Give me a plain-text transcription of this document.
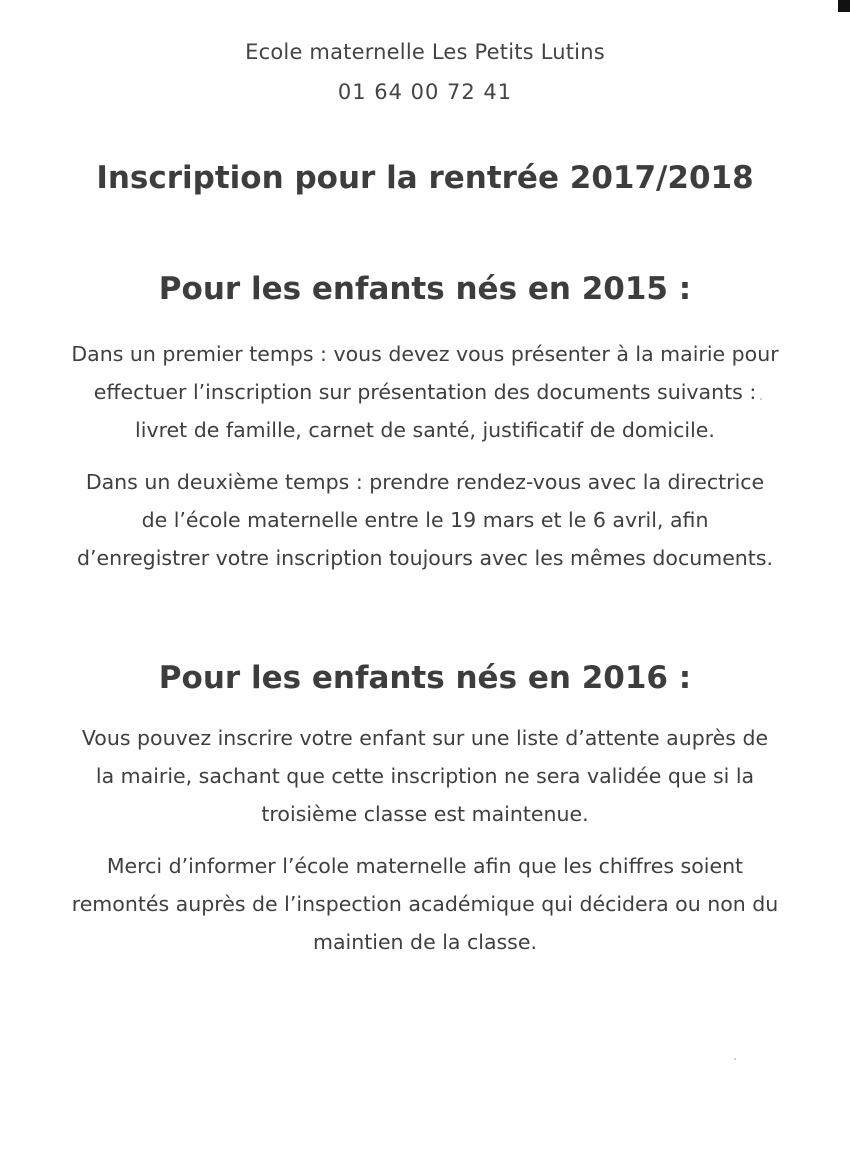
Ecole maternelle Les Petits Lutins
01 64 00 72 41
Inscription pour la rentrée 2017/2018
Pour les enfants nés en 2015 :
Dans un premier temps : vous devez vous présenter à la mairie pour
effectuer l’inscription sur présentation des documents suivants :
livret de famille, carnet de santé, justificatif de domicile.
Dans un deuxième temps : prendre rendez-vous avec la directrice
de l’école maternelle entre le 19 mars et le 6 avril, afin
d’enregistrer votre inscription toujours avec les mêmes documents.
Pour les enfants nés en 2016 :
Vous pouvez inscrire votre enfant sur une liste d’attente auprès de
la mairie, sachant que cette inscription ne sera validée que si la
troisième classe est maintenue.
Merci d’informer l’école maternelle afin que les chiffres soient
remontés auprès de l’inspection académique qui décidera ou non du
maintien de la classe.
